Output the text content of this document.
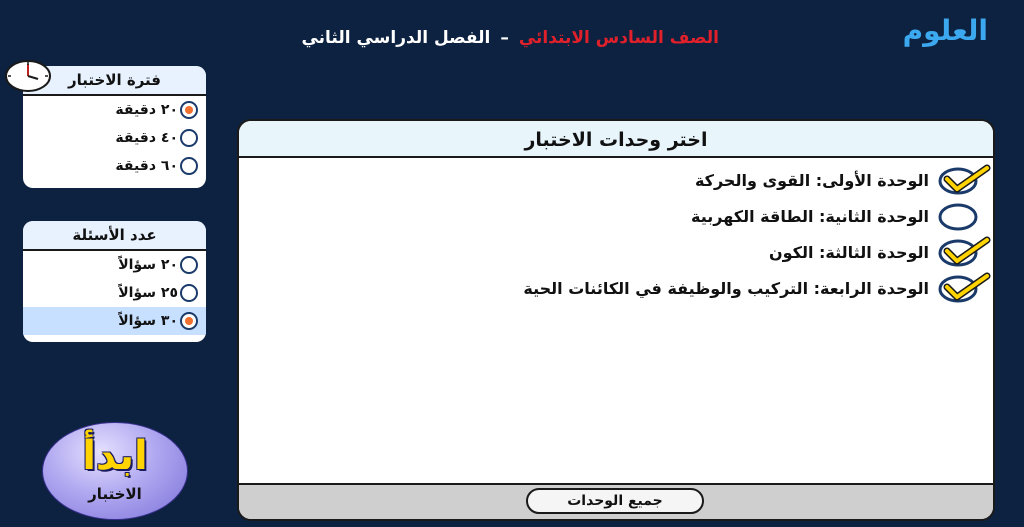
العلوم
الصف السادس الابتدائي–الفصل الدراسي الثاني
فترة الاختبار
٢٠ دقيقة
٤٠ دقيقة
٦٠ دقيقة
عدد الأسئلة
٢٠ سؤالاً
٢٥ سؤالاً
٣٠ سؤالاً
اختر وحدات الاختبار
الوحدة الأولى: القوى والحركة
الوحدة الثانية: الطاقة الكهربية
الوحدة الثالثة: الكون
الوحدة الرابعة: التركيب والوظيفة في الكائنات الحية
جميع الوحدات
ابدأ
الاختبار
